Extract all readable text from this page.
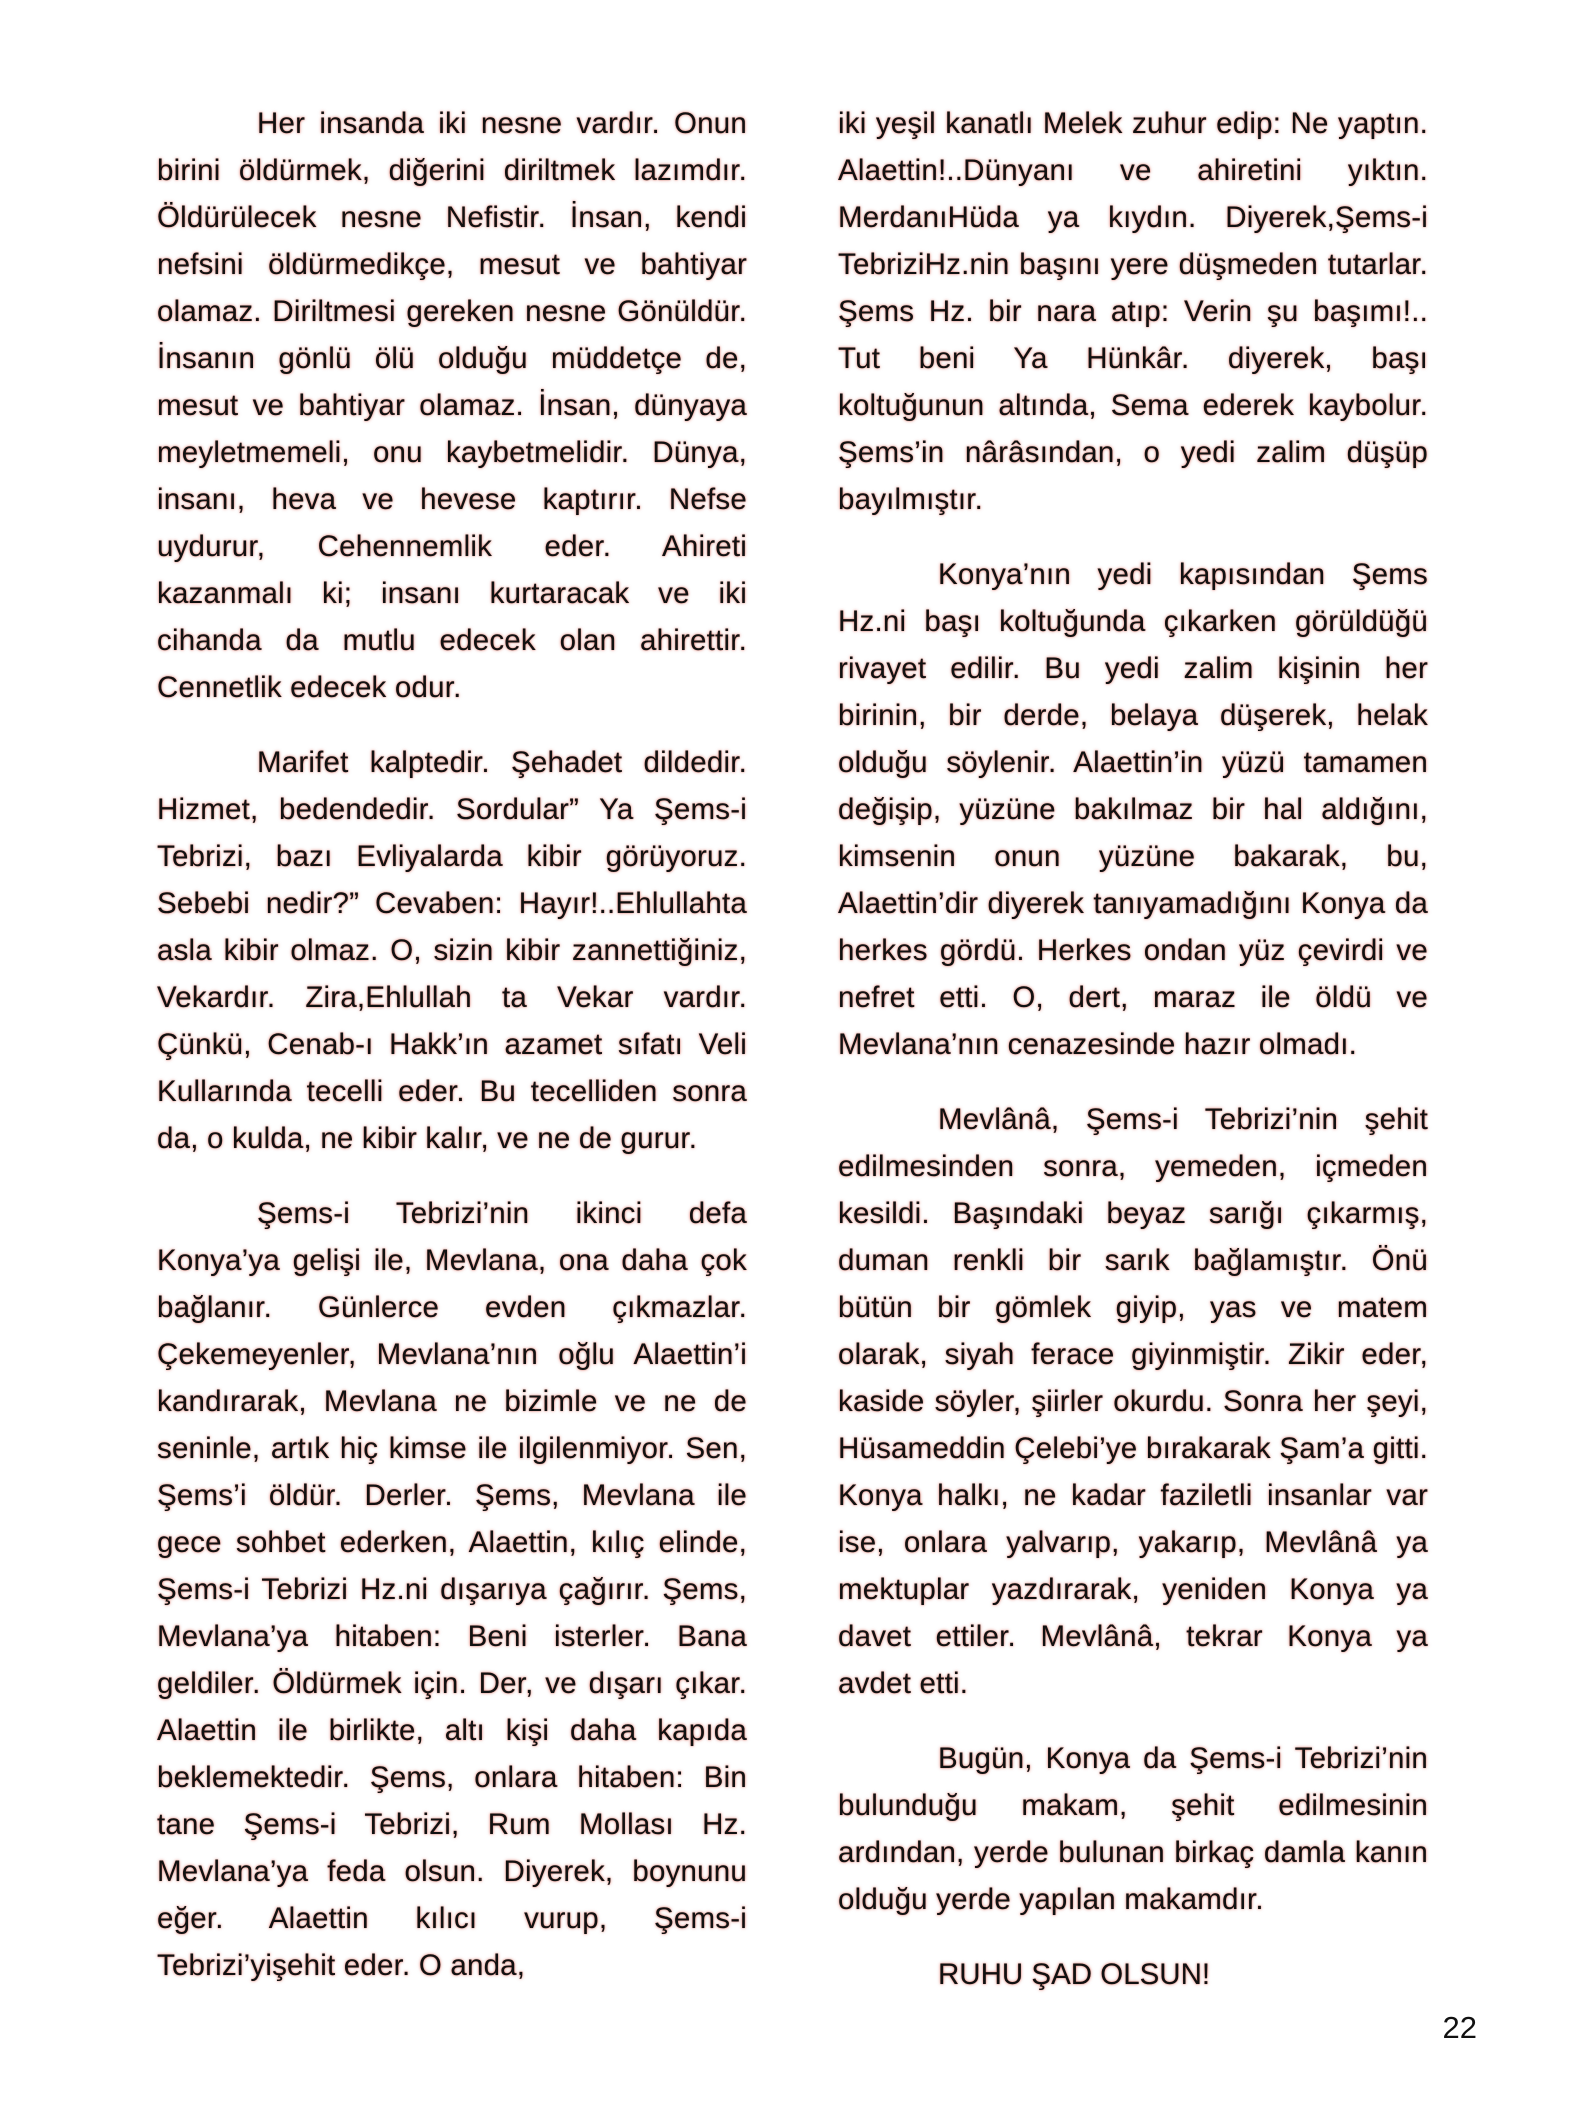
Her insanda iki nesne vardır. Onun birini öldürmek, diğerini diriltmek lazımdır. Öldürülecek nesne Nefistir. İnsan, kendi nefsini öldürmedikçe, mesut ve bahtiyar olamaz. Diriltmesi gereken nesne Gönüldür. İnsanın gönlü ölü olduğu müddetçe de, mesut ve bahtiyar olamaz. İnsan, dünyaya meyletmemeli, onu kaybetmelidir. Dünya, insanı, heva ve hevese kaptırır. Nefse uydurur, Cehennemlik eder. Ahireti kazanmalı ki; insanı kurtaracak ve iki cihanda da mutlu edecek olan ahirettir. Cennetlik edecek odur.

Marifet kalptedir. Şehadet dildedir. Hizmet, bedendedir. Sordular” Ya Şems-i Tebrizi, bazı Evliyalarda kibir görüyoruz. Sebebi nedir?” Cevaben: Hayır!..Ehlullahta asla kibir olmaz. O, sizin kibir zannettiğiniz, Vekardır. Zira,Ehlullah ta Vekar vardır. Çünkü, Cenab-ı Hakk’ın azamet sıfatı Veli Kullarında tecelli eder. Bu tecelliden sonra da, o kulda, ne kibir kalır, ve ne de gurur.

Şems-i Tebrizi’nin ikinci defa Konya’ya gelişi ile, Mevlana, ona daha çok bağlanır. Günlerce evden çıkmazlar. Çekemeyenler, Mevlana’nın oğlu Alaettin’i kandırarak, Mevlana ne bizimle ve ne de seninle, artık hiç kimse ile ilgilenmiyor. Sen, Şems’i öldür. Derler. Şems, Mevlana ile gece sohbet ederken, Alaettin, kılıç elinde, Şems-i Tebrizi Hz.ni dışarıya çağırır. Şems, Mevlana’ya hitaben: Beni isterler. Bana geldiler. Öldürmek için. Der, ve dışarı çıkar. Alaettin ile birlikte, altı kişi daha kapıda beklemektedir. Şems, onlara hitaben: Bin tane Şems-i Tebrizi, Rum Mollası Hz. Mevlana’ya feda olsun. Diyerek, boynunu eğer. Alaettin kılıcı vurup, Şems-i Tebrizi’yişehit eder. O anda,

iki yeşil kanatlı Melek zuhur edip: Ne yaptın. Alaettin!..Dünyanı ve ahiretini yıktın. MerdanıHüda ya kıydın. Diyerek,Şems-i TebriziHz.nin başını yere düşmeden tutarlar. Şems Hz. bir nara atıp: Verin şu başımı!.. Tut beni Ya Hünkâr. diyerek, başı koltuğunun altında, Sema ederek kaybolur. Şems’in nârâsından, o yedi zalim düşüp bayılmıştır.

Konya’nın yedi kapısından Şems Hz.ni başı koltuğunda çıkarken görüldüğü rivayet edilir. Bu yedi zalim kişinin her birinin, bir derde, belaya düşerek, helak olduğu söylenir. Alaettin’in yüzü tamamen değişip, yüzüne bakılmaz bir hal aldığını, kimsenin onun yüzüne bakarak, bu, Alaettin’dir diyerek tanıyamadığını Konya da herkes gördü. Herkes ondan yüz çevirdi ve nefret etti. O, dert, maraz ile öldü ve Mevlana’nın cenazesinde hazır olmadı.

Mevlânâ, Şems-i Tebrizi’nin şehit edilmesinden sonra, yemeden, içmeden kesildi. Başındaki beyaz sarığı çıkarmış, duman renkli bir sarık bağlamıştır. Önü bütün bir gömlek giyip, yas ve matem olarak, siyah ferace giyinmiştir. Zikir eder, kaside söyler, şiirler okurdu. Sonra her şeyi, Hüsameddin Çelebi’ye bırakarak Şam’a gitti. Konya halkı, ne kadar faziletli insanlar var ise, onlara yalvarıp, yakarıp, Mevlânâ ya mektuplar yazdırarak, yeniden Konya ya davet ettiler. Mevlânâ, tekrar Konya ya avdet etti.

Bugün, Konya da Şems-i Tebrizi’nin bulunduğu makam, şehit edilmesinin ardından, yerde bulunan birkaç damla kanın olduğu yerde yapılan makamdır.

RUHU ŞAD OLSUN!

22
